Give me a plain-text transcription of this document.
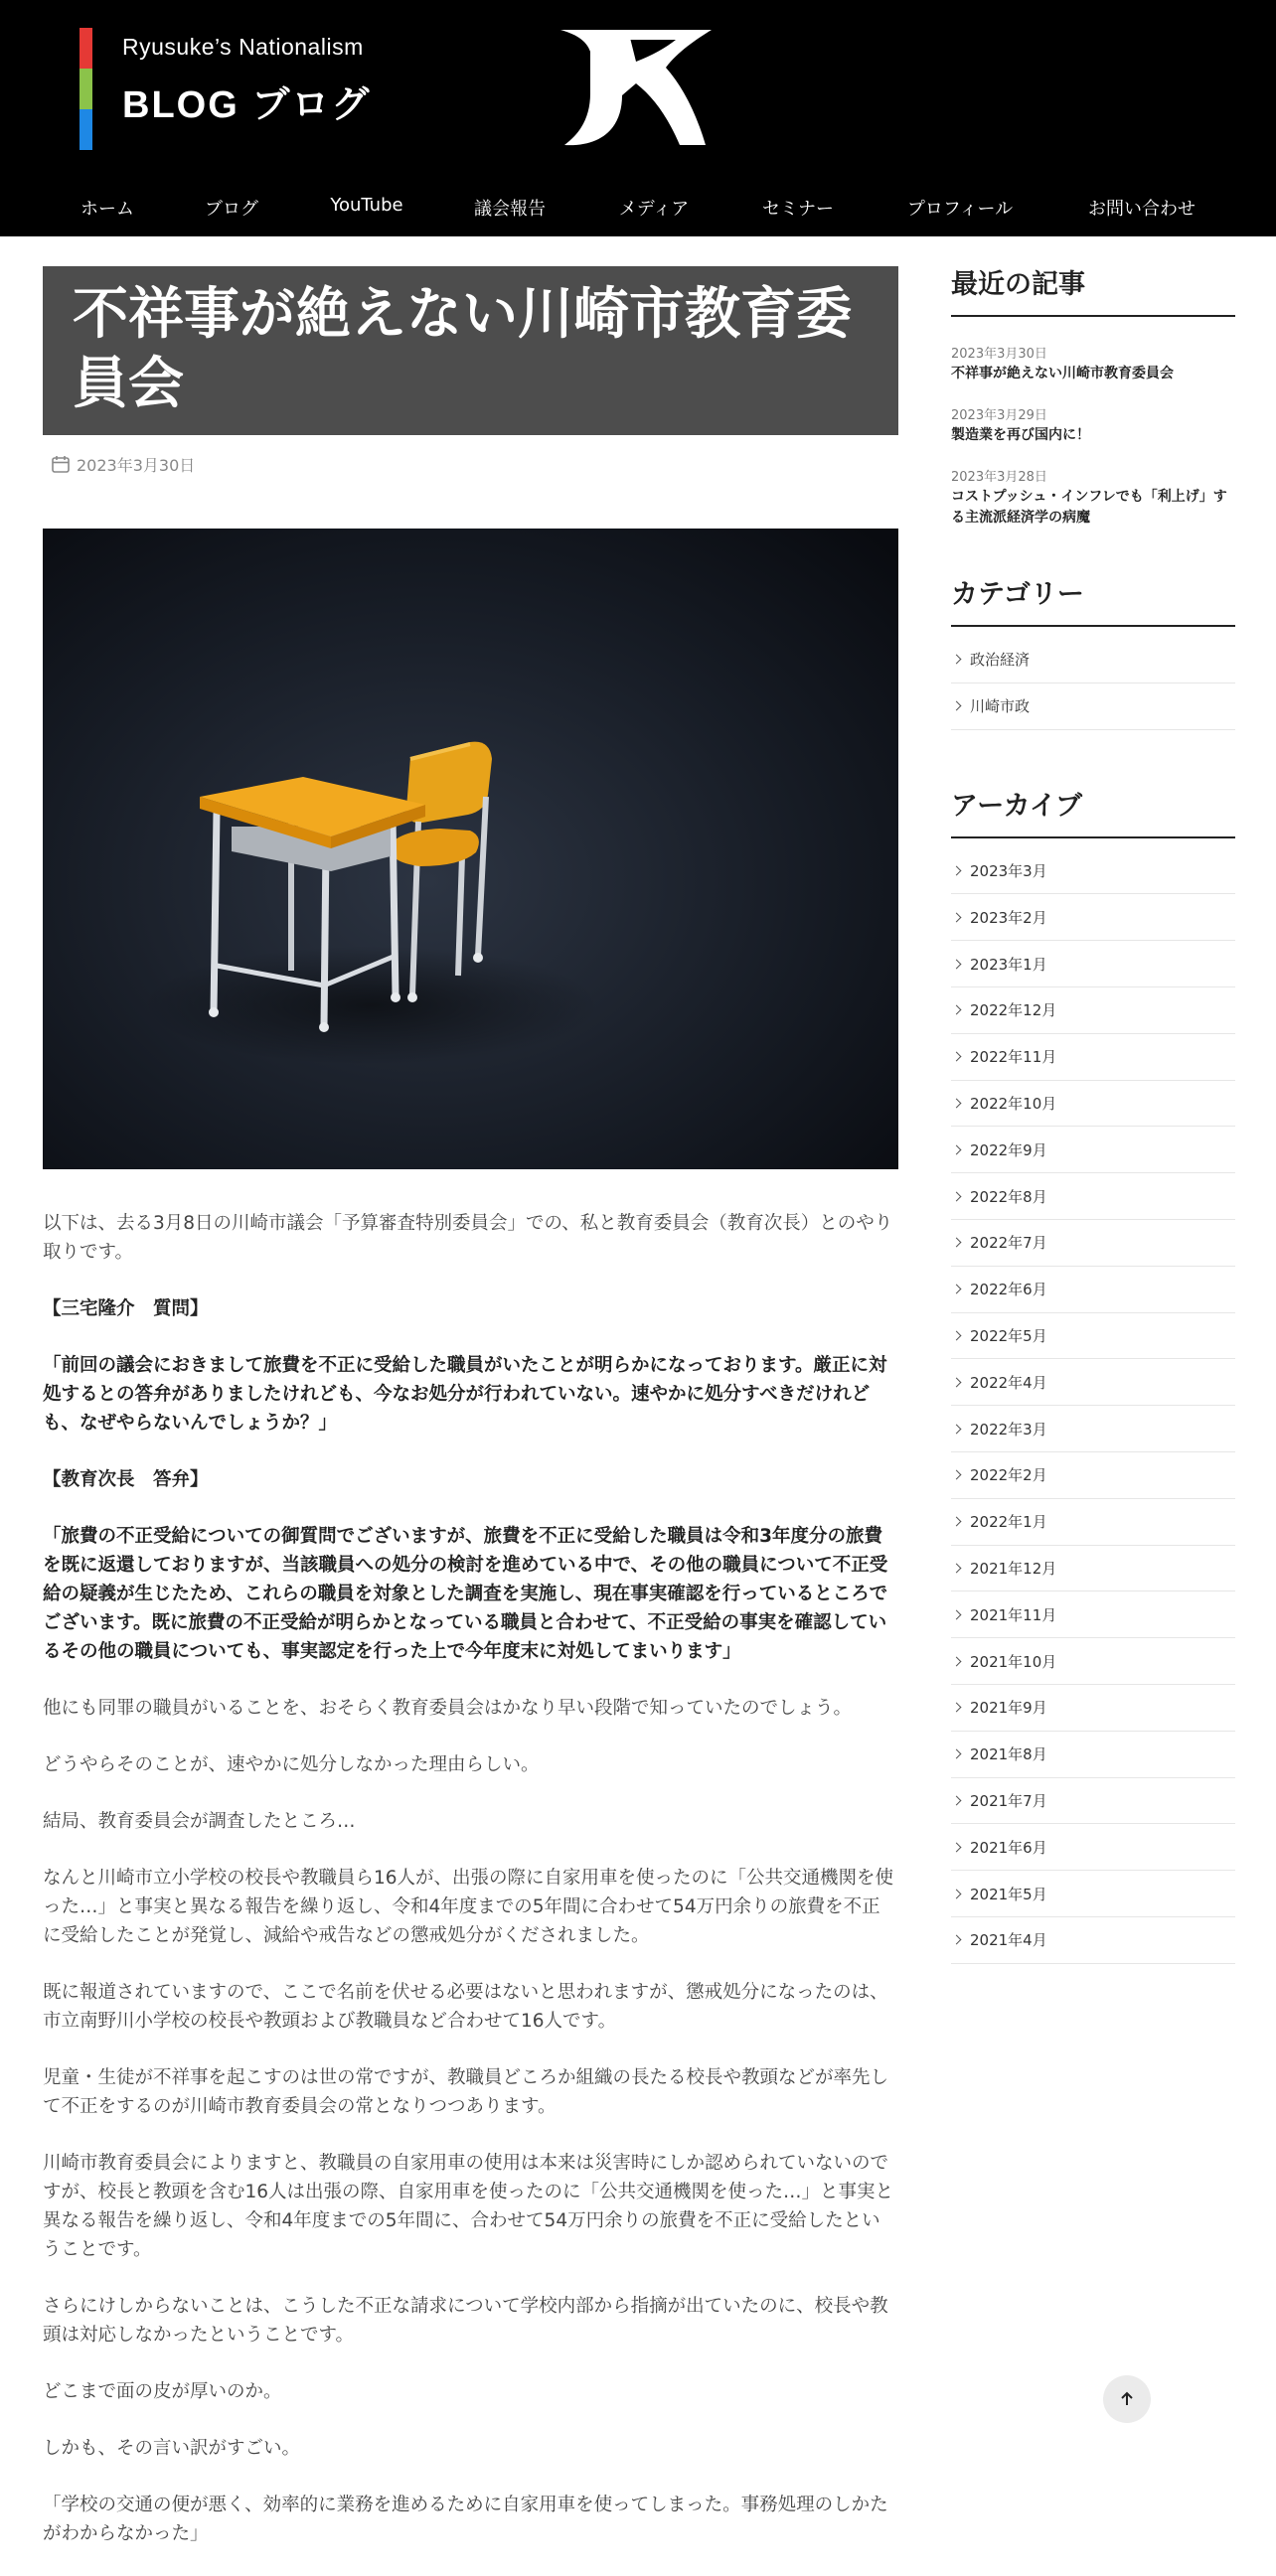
Ryusuke’s Nationalism
BLOG ブログ
ホーム	ブログ	YouTube	議会報告	メディア	セミナー	プロフィール	お問い合わせ
不祥事が絶えない川崎市教育委員会
2023年3月30日

以下は、去る3月8日の川崎市議会「予算審査特別委員会」での、私と教育委員会（教育次長）とのやり取りです。

【三宅隆介　質問】

「前回の議会におきまして旅費を不正に受給した職員がいたことが明らかになっております。厳正に対処するとの答弁がありましたけれども、今なお処分が行われていない。速やかに処分すべきだけれども、なぜやらないんでしょうか？」

【教育次長　答弁】

「旅費の不正受給についての御質問でございますが、旅費を不正に受給した職員は令和3年度分の旅費を既に返還しておりますが、当該職員への処分の検討を進めている中で、その他の職員について不正受給の疑義が生じたため、これらの職員を対象とした調査を実施し、現在事実確認を行っているところでございます。既に旅費の不正受給が明らかとなっている職員と合わせて、不正受給の事実を確認しているその他の職員についても、事実認定を行った上で今年度末に対処してまいります」

他にも同罪の職員がいることを、おそらく教育委員会はかなり早い段階で知っていたのでしょう。

どうやらそのことが、速やかに処分しなかった理由らしい。

結局、教育委員会が調査したところ…

なんと川崎市立小学校の校長や教職員ら16人が、出張の際に自家用車を使ったのに「公共交通機関を使った…」と事実と異なる報告を繰り返し、令和4年度までの5年間に合わせて54万円余りの旅費を不正に受給したことが発覚し、減給や戒告などの懲戒処分がくだされました。

既に報道されていますので、ここで名前を伏せる必要はないと思われますが、懲戒処分になったのは、市立南野川小学校の校長や教頭および教職員など合わせて16人です。

児童・生徒が不祥事を起こすのは世の常ですが、教職員どころか組織の長たる校長や教頭などが率先して不正をするのが川崎市教育委員会の常となりつつあります。

川崎市教育委員会によりますと、教職員の自家用車の使用は本来は災害時にしか認められていないのですが、校長と教頭を含む16人は出張の際、自家用車を使ったのに「公共交通機関を使った…」と事実と異なる報告を繰り返し、令和4年度までの5年間に、合わせて54万円余りの旅費を不正に受給したということです。

さらにけしからないことは、こうした不正な請求について学校内部から指摘が出ていたのに、校長や教頭は対応しなかったということです。

どこまで面の皮が厚いのか。

しかも、その言い訳がすごい。

「学校の交通の便が悪く、効率的に業務を進めるために自家用車を使ってしまった。事務処理のしかたがわからなかった」

最近の記事
2023年3月30日
不祥事が絶えない川崎市教育委員会
2023年3月29日
製造業を再び国内に！
2023年3月28日
コストプッシュ・インフレでも「利上げ」する主流派経済学の病魔
カテゴリー
政治経済
川崎市政
アーカイブ
2023年3月
2023年2月
2023年1月
2022年12月
2022年11月
2022年10月
2022年9月
2022年8月
2022年7月
2022年6月
2022年5月
2022年4月
2022年3月
2022年2月
2022年1月
2021年12月
2021年11月
2021年10月
2021年9月
2021年8月
2021年7月
2021年6月
2021年5月
2021年4月
